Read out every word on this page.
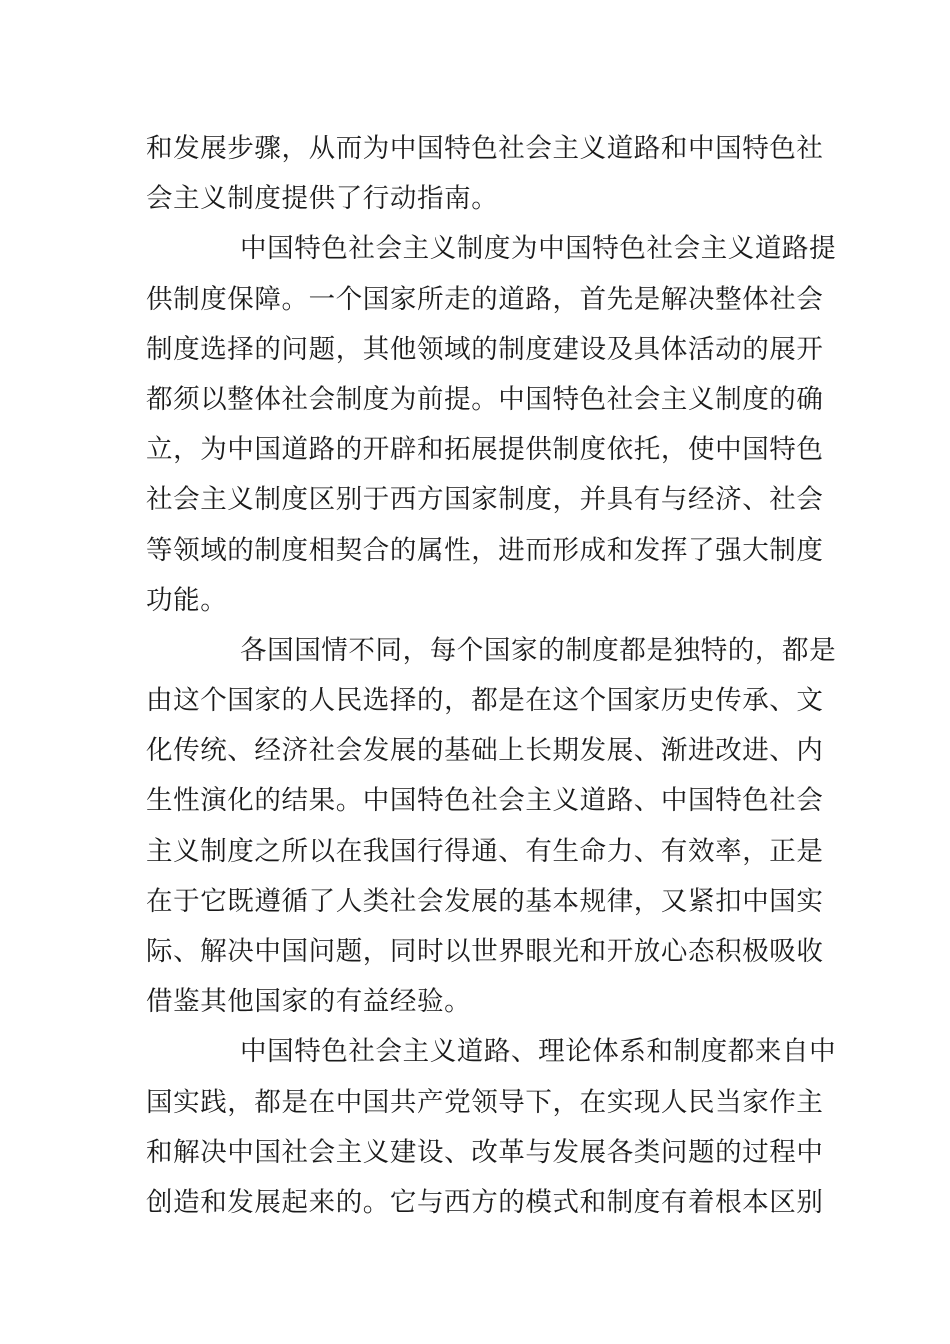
和发展步骤，从而为中国特色社会主义道路和中国特色社
会主义制度提供了行动指南。
中国特色社会主义制度为中国特色社会主义道路提
供制度保障。一个国家所走的道路，首先是解决整体社会
制度选择的问题，其他领域的制度建设及具体活动的展开
都须以整体社会制度为前提。中国特色社会主义制度的确
立，为中国道路的开辟和拓展提供制度依托，使中国特色
社会主义制度区别于西方国家制度，并具有与经济、社会
等领域的制度相契合的属性，进而形成和发挥了强大制度
功能。
各国国情不同，每个国家的制度都是独特的，都是
由这个国家的人民选择的，都是在这个国家历史传承、文
化传统、经济社会发展的基础上长期发展、渐进改进、内
生性演化的结果。中国特色社会主义道路、中国特色社会
主义制度之所以在我国行得通、有生命力、有效率，正是
在于它既遵循了人类社会发展的基本规律，又紧扣中国实
际、解决中国问题，同时以世界眼光和开放心态积极吸收
借鉴其他国家的有益经验。
中国特色社会主义道路、理论体系和制度都来自中
国实践，都是在中国共产党领导下，在实现人民当家作主
和解决中国社会主义建设、改革与发展各类问题的过程中
创造和发展起来的。它与西方的模式和制度有着根本区别
